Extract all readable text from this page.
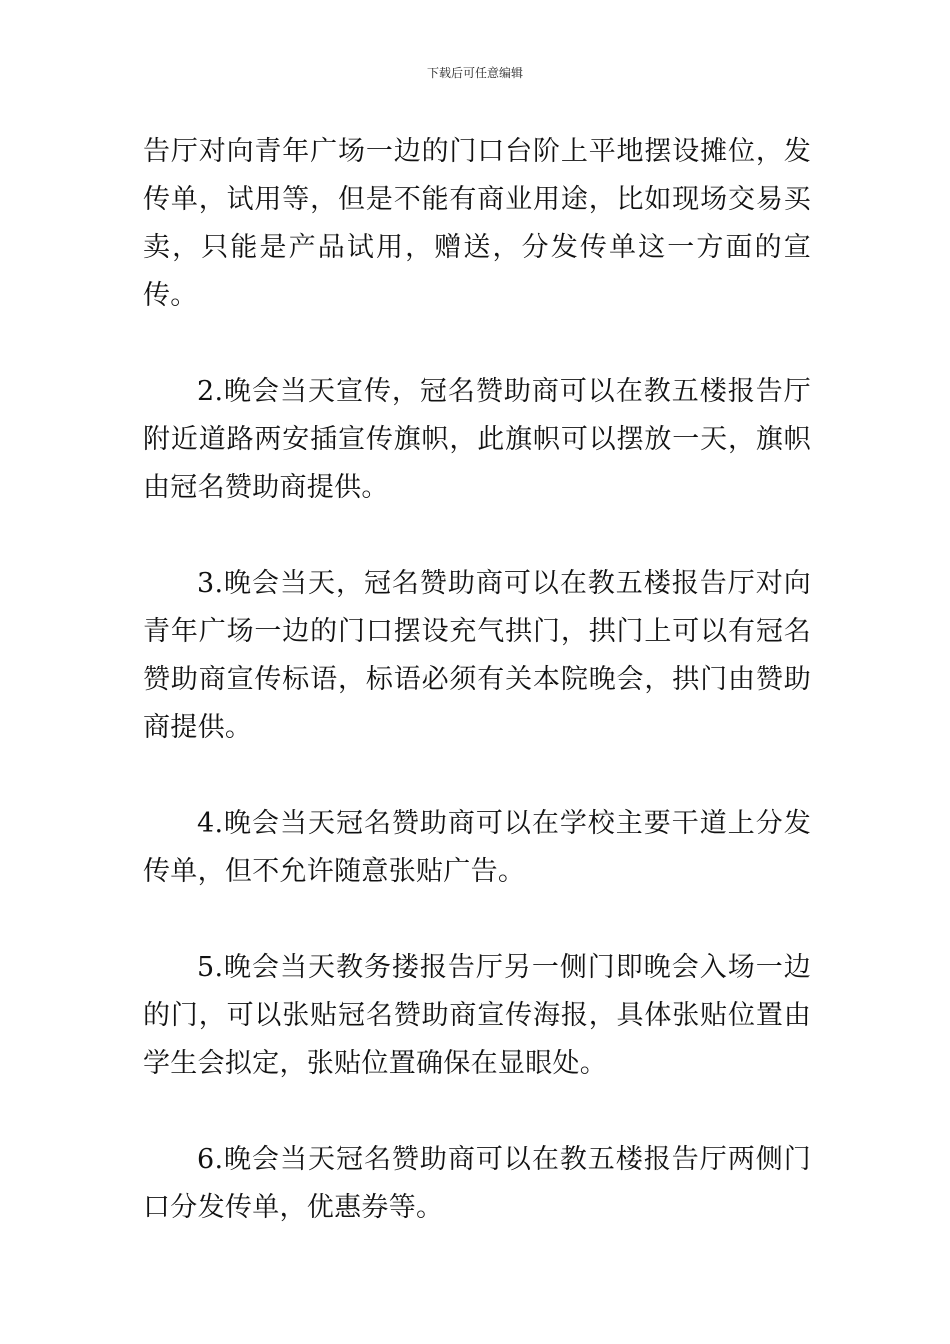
下载后可任意编辑

告厅对向青年广场一边的门口台阶上平地摆设摊位，发传单，试用等，但是不能有商业用途，比如现场交易买卖，只能是产品试用，赠送，分发传单这一方面的宣传。

2.晚会当天宣传，冠名赞助商可以在教五楼报告厅附近道路两安插宣传旗帜，此旗帜可以摆放一天，旗帜由冠名赞助商提供。

3.晚会当天，冠名赞助商可以在教五楼报告厅对向青年广场一边的门口摆设充气拱门，拱门上可以有冠名赞助商宣传标语，标语必须有关本院晚会，拱门由赞助商提供。

4.晚会当天冠名赞助商可以在学校主要干道上分发传单，但不允许随意张贴广告。

5.晚会当天教务搂报告厅另一侧门即晚会入场一边的门，可以张贴冠名赞助商宣传海报，具体张贴位置由学生会拟定，张贴位置确保在显眼处。

6.晚会当天冠名赞助商可以在教五楼报告厅两侧门口分发传单，优惠券等。
